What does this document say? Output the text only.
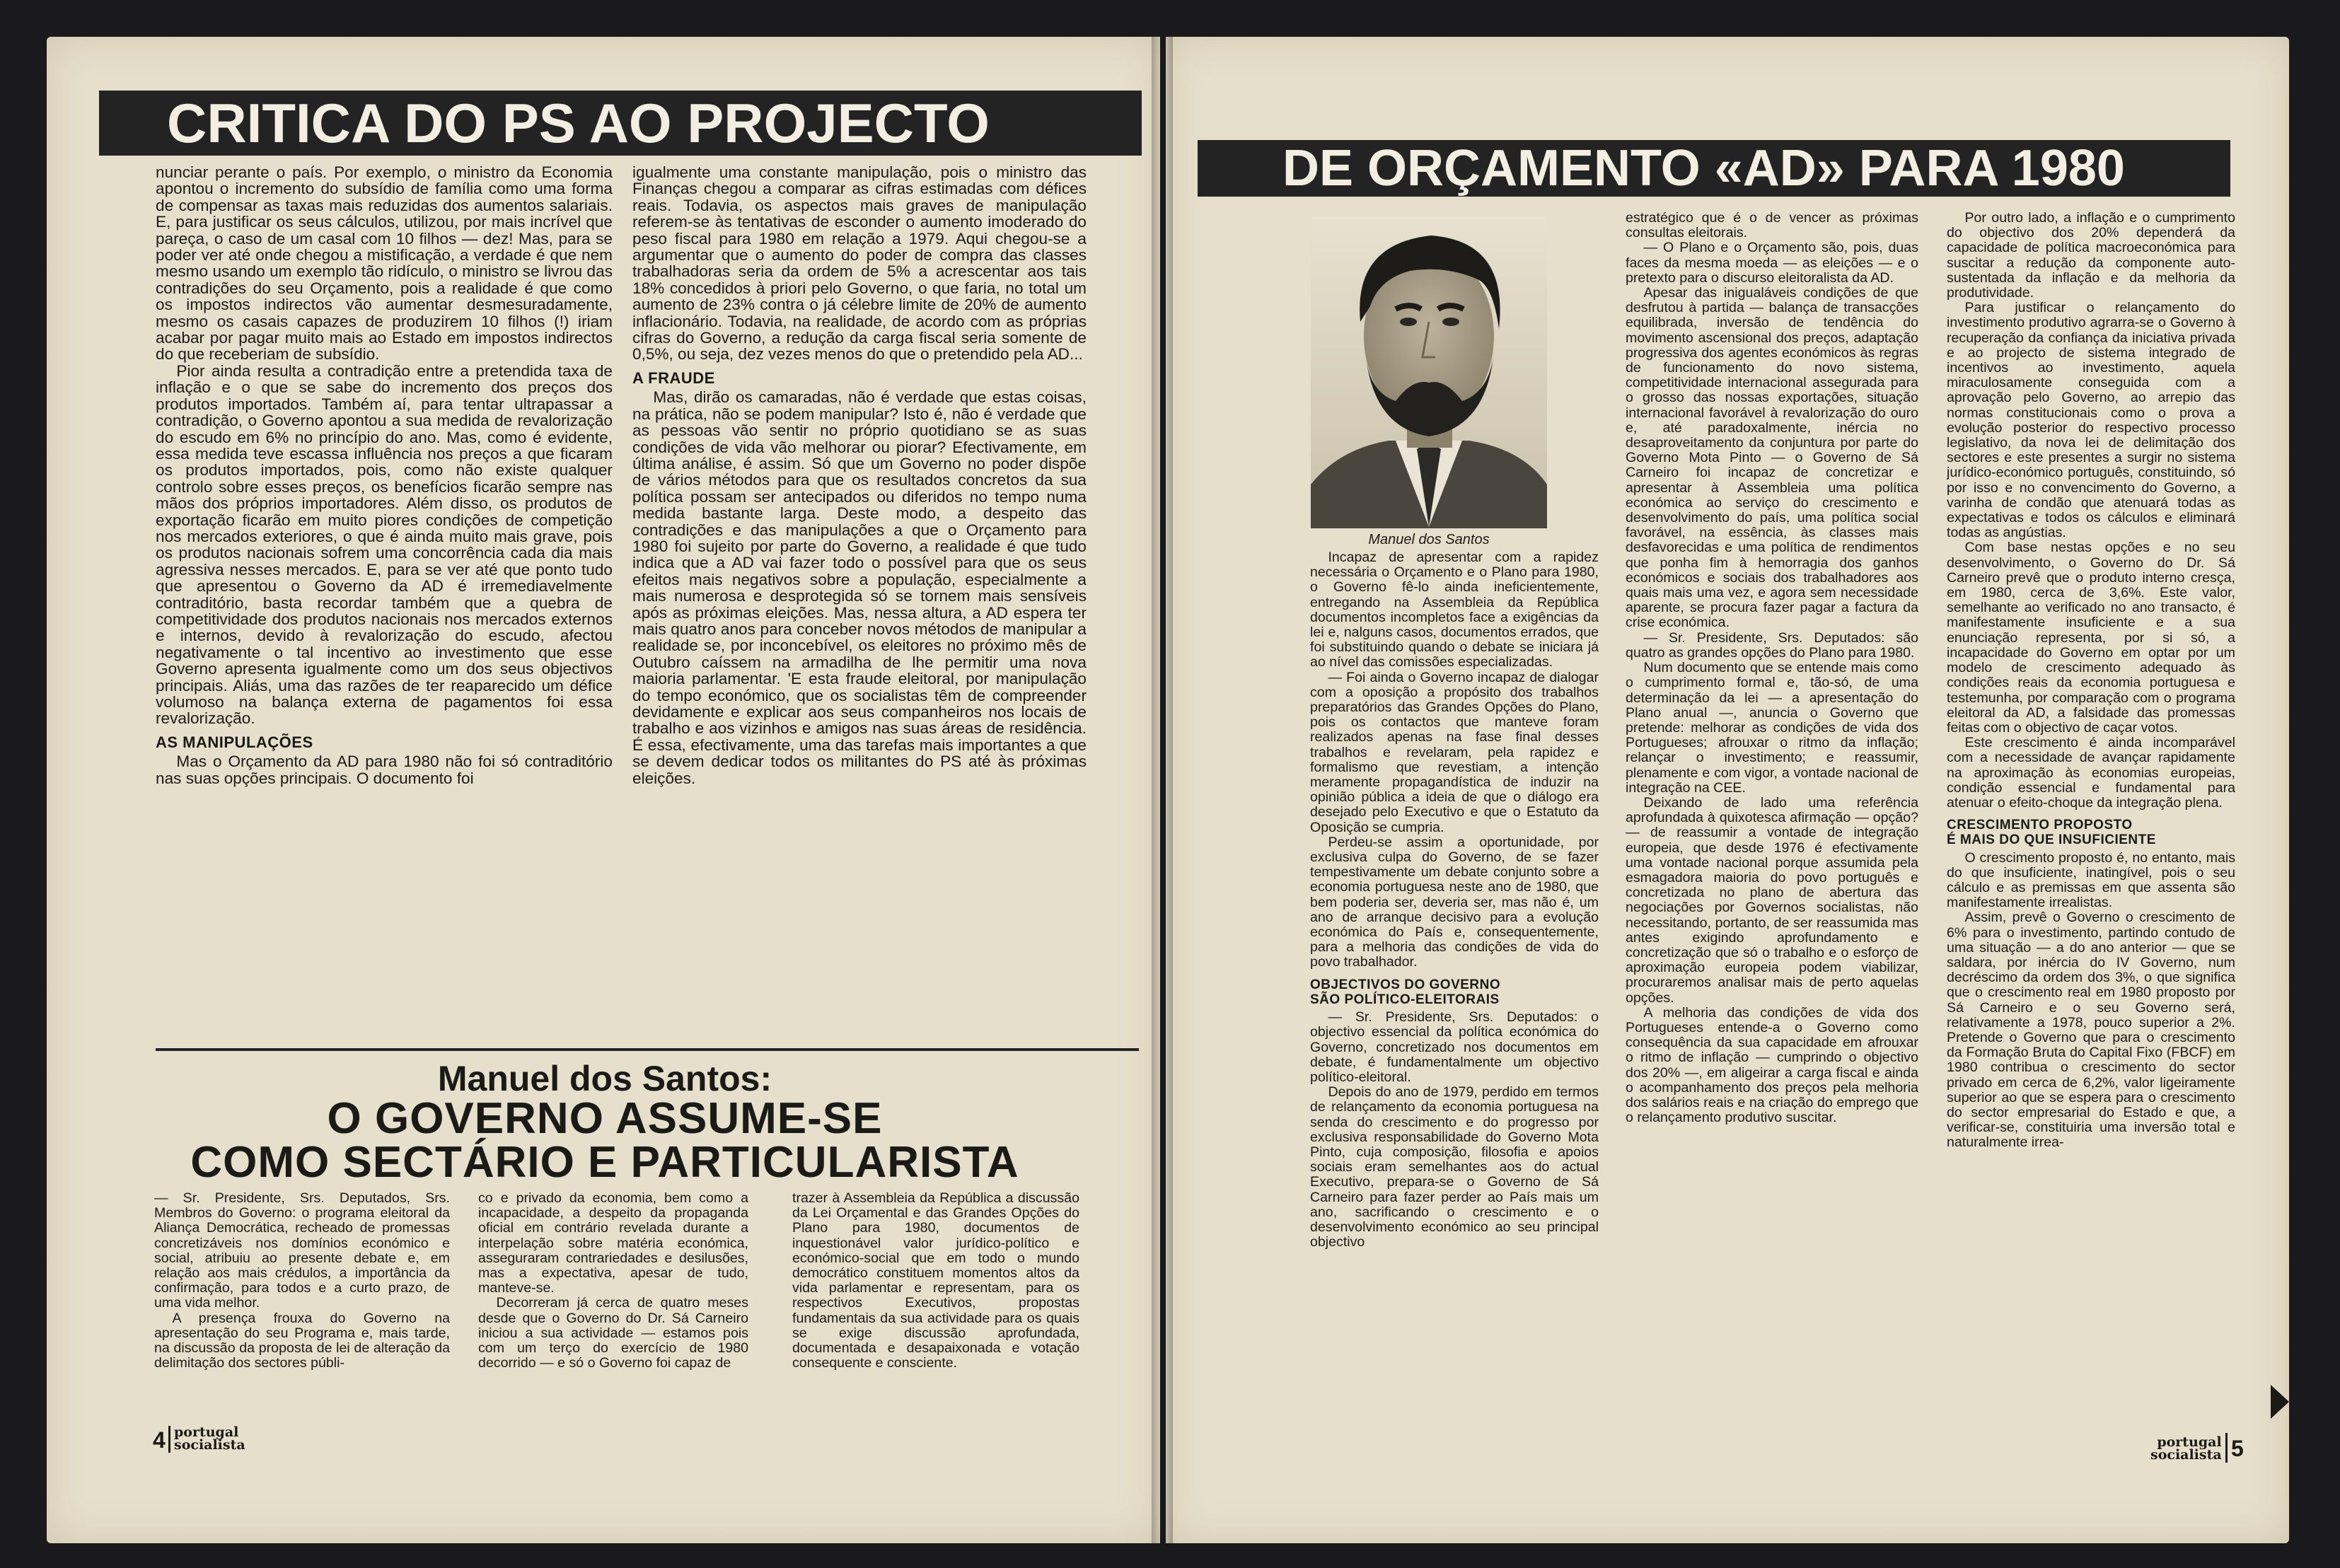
CRITICA DO PS AO PROJECTO

nunciar perante o país. Por exemplo, o ministro da Economia apontou o incremento do subsídio de família como uma forma de compensar as taxas mais reduzidas dos aumentos salariais. E, para justificar os seus cálculos, utilizou, por mais incrível que pareça, o caso de um casal com 10 filhos — dez! Mas, para se poder ver até onde chegou a mistificação, a verdade é que nem mesmo usando um exemplo tão ridículo, o ministro se livrou das contradições do seu Orçamento, pois a realidade é que como os impostos indirectos vão aumentar desmesuradamente, mesmo os casais capazes de produzirem 10 filhos (!) iriam acabar por pagar muito mais ao Estado em impostos indirectos do que receberiam de subsídio.

Pior ainda resulta a contradição entre a pretendida taxa de inflação e o que se sabe do incremento dos preços dos produtos importados. Também aí, para tentar ultrapassar a contradição, o Governo apontou a sua medida de revalorização do escudo em 6% no princípio do ano. Mas, como é evidente, essa medida teve escassa influência nos preços a que ficaram os produtos importados, pois, como não existe qualquer controlo sobre esses preços, os benefícios ficarão sempre nas mãos dos próprios importadores. Além disso, os produtos de exportação ficarão em muito piores condições de competição nos mercados exteriores, o que é ainda muito mais grave, pois os produtos nacionais sofrem uma concorrência cada dia mais agressiva nesses mercados. E, para se ver até que ponto tudo que apresentou o Governo da AD é irremediavelmente contraditório, basta recordar também que a quebra de competitividade dos produtos nacionais nos mercados externos e internos, devido à revalorização do escudo, afectou negativamente o tal incentivo ao investimento que esse Governo apresenta igualmente como um dos seus objectivos principais. Aliás, uma das razões de ter reaparecido um défice volumoso na balança externa de pagamentos foi essa revalorização.

AS MANIPULAÇÕES

Mas o Orçamento da AD para 1980 não foi só contraditório nas suas opções principais. O documento foi

igualmente uma constante manipulação, pois o ministro das Finanças chegou a comparar as cifras estimadas com défices reais. Todavia, os aspectos mais graves de manipulação referem-se às tentativas de esconder o aumento imoderado do peso fiscal para 1980 em relação a 1979. Aqui chegou-se a argumentar que o aumento do poder de compra das classes trabalhadoras seria da ordem de 5% a acrescentar aos tais 18% concedidos à priori pelo Governo, o que faria, no total um aumento de 23% contra o já célebre limite de 20% de aumento inflacionário. Todavia, na realidade, de acordo com as próprias cifras do Governo, a redução da carga fiscal seria somente de 0,5%, ou seja, dez vezes menos do que o pretendido pela AD...

A FRAUDE

Mas, dirão os camaradas, não é verdade que estas coisas, na prática, não se podem manipular? Isto é, não é verdade que as pessoas vão sentir no próprio quotidiano se as suas condições de vida vão melhorar ou piorar? Efectivamente, em última análise, é assim. Só que um Governo no poder dispõe de vários métodos para que os resultados concretos da sua política possam ser antecipados ou diferidos no tempo numa medida bastante larga. Deste modo, a despeito das contradições e das manipulações a que o Orçamento para 1980 foi sujeito por parte do Governo, a realidade é que tudo indica que a AD vai fazer todo o possível para que os seus efeitos mais negativos sobre a população, especialmente a mais numerosa e desprotegida só se tornem mais sensíveis após as próximas eleições. Mas, nessa altura, a AD espera ter mais quatro anos para conceber novos métodos de manipular a realidade se, por inconcebível, os eleitores no próximo mês de Outubro caíssem na armadilha de lhe permitir uma nova maioria parlamentar. 'E esta fraude eleitoral, por manipulação do tempo económico, que os socialistas têm de compreender devidamente e explicar aos seus companheiros nos locais de trabalho e aos vizinhos e amigos nas suas áreas de residência. É essa, efectivamente, uma das tarefas mais importantes a que se devem dedicar todos os militantes do PS até às próximas eleições.

Manuel dos Santos:
O GOVERNO ASSUME-SE
COMO SECTÁRIO E PARTICULARISTA

— Sr. Presidente, Srs. Deputados, Srs. Membros do Governo: o programa eleitoral da Aliança Democrática, recheado de promessas concretizáveis nos domínios económico e social, atribuiu ao presente debate e, em relação aos mais crédulos, a importância da confirmação, para todos e a curto prazo, de uma vida melhor.

A presença frouxa do Governo na apresentação do seu Programa e, mais tarde, na discussão da proposta de lei de alteração da delimitação dos sectores públi-

co e privado da economia, bem como a incapacidade, a despeito da propaganda oficial em contrário revelada durante a interpelação sobre matéria económica, asseguraram contrariedades e desilusões, mas a expectativa, apesar de tudo, manteve-se.

Decorreram já cerca de quatro meses desde que o Governo do Dr. Sá Carneiro iniciou a sua actividade — estamos pois com um terço do exercício de 1980 decorrido — e só o Governo foi capaz de

trazer à Assembleia da República a discussão da Lei Orçamental e das Grandes Opções do Plano para 1980, documentos de inquestionável valor jurídico-político e económico-social que em todo o mundo democrático constituem momentos altos da vida parlamentar e representam, para os respectivos Executivos, propostas fundamentais da sua actividade para os quais se exige discussão aprofundada, documentada e desapaixonada e votação consequente e consciente.

4 portugal
socialista
DE ORÇAMENTO «AD» PARA 1980
Manuel dos Santos

Incapaz de apresentar com a rapidez necessária o Orçamento e o Plano para 1980, o Governo fê-lo ainda ineficientemente, entregando na Assembleia da República documentos incompletos face a exigências da lei e, nalguns casos, documentos errados, que foi substituindo quando o debate se iniciara já ao nível das comissões especializadas.

— Foi ainda o Governo incapaz de dialogar com a oposição a propósito dos trabalhos preparatórios das Grandes Opções do Plano, pois os contactos que manteve foram realizados apenas na fase final desses trabalhos e revelaram, pela rapidez e formalismo que revestiam, a intenção meramente propagandística de induzir na opinião pública a ideia de que o diálogo era desejado pelo Executivo e que o Estatuto da Oposição se cumpria.

Perdeu-se assim a oportunidade, por exclusiva culpa do Governo, de se fazer tempestivamente um debate conjunto sobre a economia portuguesa neste ano de 1980, que bem poderia ser, deveria ser, mas não é, um ano de arranque decisivo para a evolução económica do País e, consequentemente, para a melhoria das condições de vida do povo trabalhador.

OBJECTIVOS DO GOVERNO
SÃO POLÍTICO-ELEITORAIS

— Sr. Presidente, Srs. Deputados: o objectivo essencial da política económica do Governo, concretizado nos documentos em debate, é fundamentalmente um objectivo político-eleitoral.

Depois do ano de 1979, perdido em termos de relançamento da economia portuguesa na senda do crescimento e do progresso por exclusiva responsabilidade do Governo Mota Pinto, cuja composição, filosofia e apoios sociais eram semelhantes aos do actual Executivo, prepara-se o Governo de Sá Carneiro para fazer perder ao País mais um ano, sacrificando o crescimento e o desenvolvimento económico ao seu principal objectivo

estratégico que é o de vencer as próximas consultas eleitorais.

— O Plano e o Orçamento são, pois, duas faces da mesma moeda — as eleições — e o pretexto para o discurso eleitoralista da AD.

Apesar das inigualáveis condições de que desfrutou à partida — balança de transacções equilibrada, inversão de tendência do movimento ascensional dos preços, adaptação progressiva dos agentes económicos às regras de funcionamento do novo sistema, competitividade internacional assegurada para o grosso das nossas exportações, situação internacional favorável à revalorização do ouro e, até paradoxalmente, inércia no desaproveitamento da conjuntura por parte do Governo Mota Pinto — o Governo de Sá Carneiro foi incapaz de concretizar e apresentar à Assembleia uma política económica ao serviço do crescimento e desenvolvimento do país, uma política social favorável, na essência, às classes mais desfavorecidas e uma política de rendimentos que ponha fim à hemorragia dos ganhos económicos e sociais dos trabalhadores aos quais mais uma vez, e agora sem necessidade aparente, se procura fazer pagar a factura da crise económica.

— Sr. Presidente, Srs. Deputados: são quatro as grandes opções do Plano para 1980.

Num documento que se entende mais como o cumprimento formal e, tão-só, de uma determinação da lei — a apresentação do Plano anual —, anuncia o Governo que pretende: melhorar as condições de vida dos Portugueses; afrouxar o ritmo da inflação; relançar o investimento; e reassumir, plenamente e com vigor, a vontade nacional de integração na CEE.

Deixando de lado uma referência aprofundada à quixotesca afirmação — opção? — de reassumir a vontade de integração europeia, que desde 1976 é efectivamente uma vontade nacional porque assumida pela esmagadora maioria do povo português e concretizada no plano de abertura das negociações por Governos socialistas, não necessitando, portanto, de ser reassumida mas antes exigindo aprofundamento e concretização que só o trabalho e o esforço de aproximação europeia podem viabilizar, procuraremos analisar mais de perto aquelas opções.

A melhoria das condições de vida dos Portugueses entende-a o Governo como consequência da sua capacidade em afrouxar o ritmo de inflação — cumprindo o objectivo dos 20% —, em aligeirar a carga fiscal e ainda o acompanhamento dos preços pela melhoria dos salários reais e na criação do emprego que o relançamento produtivo suscitar.

Por outro lado, a inflação e o cumprimento do objectivo dos 20% dependerá da capacidade de política macroeconómica para suscitar a redução da componente auto-sustentada da inflação e da melhoria da produtividade.

Para justificar o relançamento do investimento produtivo agrarra-se o Governo à recuperação da confiança da iniciativa privada e ao projecto de sistema integrado de incentivos ao investimento, aquela miraculosamente conseguida com a aprovação pelo Governo, ao arrepio das normas constitucionais como o prova a evolução posterior do respectivo processo legislativo, da nova lei de delimitação dos sectores e este presentes a surgir no sistema jurídico-económico português, constituindo, só por isso e no convencimento do Governo, a varinha de condão que atenuará todas as expectativas e todos os cálculos e eliminará todas as angústias.

Com base nestas opções e no seu desenvolvimento, o Governo do Dr. Sá Carneiro prevê que o produto interno cresça, em 1980, cerca de 3,6%. Este valor, semelhante ao verificado no ano transacto, é manifestamente insuficiente e a sua enunciação representa, por si só, a incapacidade do Governo em optar por um modelo de crescimento adequado às condições reais da economia portuguesa e testemunha, por comparação com o programa eleitoral da AD, a falsidade das promessas feitas com o objectivo de caçar votos.

Este crescimento é ainda incomparável com a necessidade de avançar rapidamente na aproximação às economias europeias, condição essencial e fundamental para atenuar o efeito-choque da integração plena.

CRESCIMENTO PROPOSTO
É MAIS DO QUE INSUFICIENTE

O crescimento proposto é, no entanto, mais do que insuficiente, inatingível, pois o seu cálculo e as premissas em que assenta são manifestamente irrealistas.

Assim, prevê o Governo o crescimento de 6% para o investimento, partindo contudo de uma situação — a do ano anterior — que se saldara, por inércia do IV Governo, num decréscimo da ordem dos 3%, o que significa que o crescimento real em 1980 proposto por Sá Carneiro e o seu Governo será, relativamente a 1978, pouco superior a 2%. Pretende o Governo que para o crescimento da Formação Bruta do Capital Fixo (FBCF) em 1980 contribua o crescimento do sector privado em cerca de 6,2%, valor ligeiramente superior ao que se espera para o crescimento do sector empresarial do Estado e que, a verificar-se, constituiria uma inversão total e naturalmente irrea-

portugal
socialista 5
